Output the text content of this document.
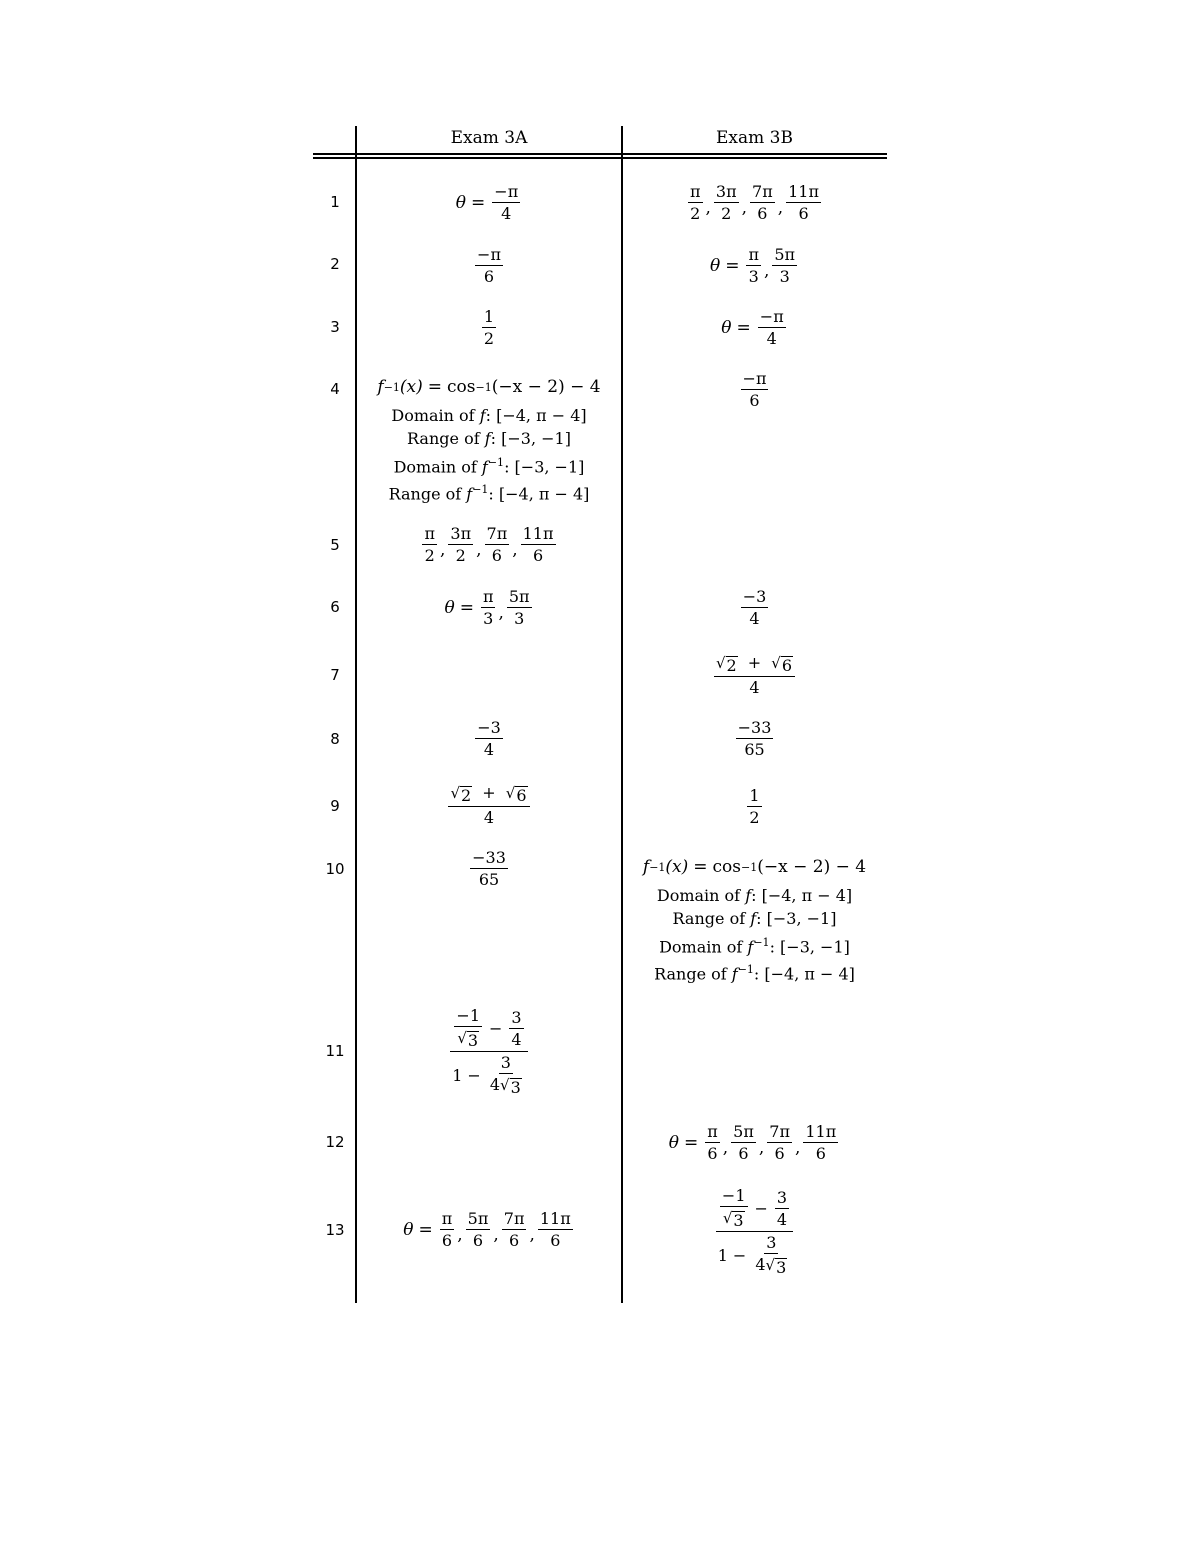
Exam 3A	Exam 3B
1
2
3
4
5
6
7
8
9
10
11
12
13
$\theta = \frac{-\pi}{4}$
$\frac{-\pi}{6}$
$\frac{1}{2}$
f −1 (x) = cos −1 (−x − 2) − 4
Domain of f: [−4, π − 4]
Range of f: [−3, −1]
Domain of $f^{-1}$: [−3, −1]
Range of $f^{-1}$: [−4, π − 4]
$\frac{\pi}{2}$ , $\frac{3\pi}{2}$ , $\frac{7\pi}{6}$ , $\frac{11\pi}{6}$
$\theta = \frac{\pi}{3}$ , $\frac{5\pi}{3}$
$\frac{-3}{4}$
$\frac{√ 2 + √ 6}{4}$
$\frac{-33}{65}$
$\frac{\frac{-1}{√ 3} - \frac{3}{4}}{1 - \frac{3}{4 √ 3}}$
$\theta = \frac{\pi}{6}$ , $\frac{5\pi}{6}$ , $\frac{7\pi}{6}$ , $\frac{11\pi}{6}$
$\frac{\pi}{2}$ , $\frac{3\pi}{2}$ , $\frac{7\pi}{6}$ , $\frac{11\pi}{6}$
$\theta = \frac{\pi}{3}$ , $\frac{5\pi}{3}$
$\theta = \frac{-\pi}{4}$
$\frac{-\pi}{6}$
$\frac{-3}{4}$
$\frac{√ 2 + √ 6}{4}$
$\frac{-33}{65}$
$\frac{1}{2}$
f −1 (x) = cos −1 (−x − 2) − 4
Domain of f: [−4, π − 4]
Range of f: [−3, −1]
Domain of $f^{-1}$: [−3, −1]
Range of $f^{-1}$: [−4, π − 4]
$\theta = \frac{\pi}{6}$ , $\frac{5\pi}{6}$ , $\frac{7\pi}{6}$ , $\frac{11\pi}{6}$
$\frac{\frac{-1}{√ 3} - \frac{3}{4}}{1 - \frac{3}{4 √ 3}}$
